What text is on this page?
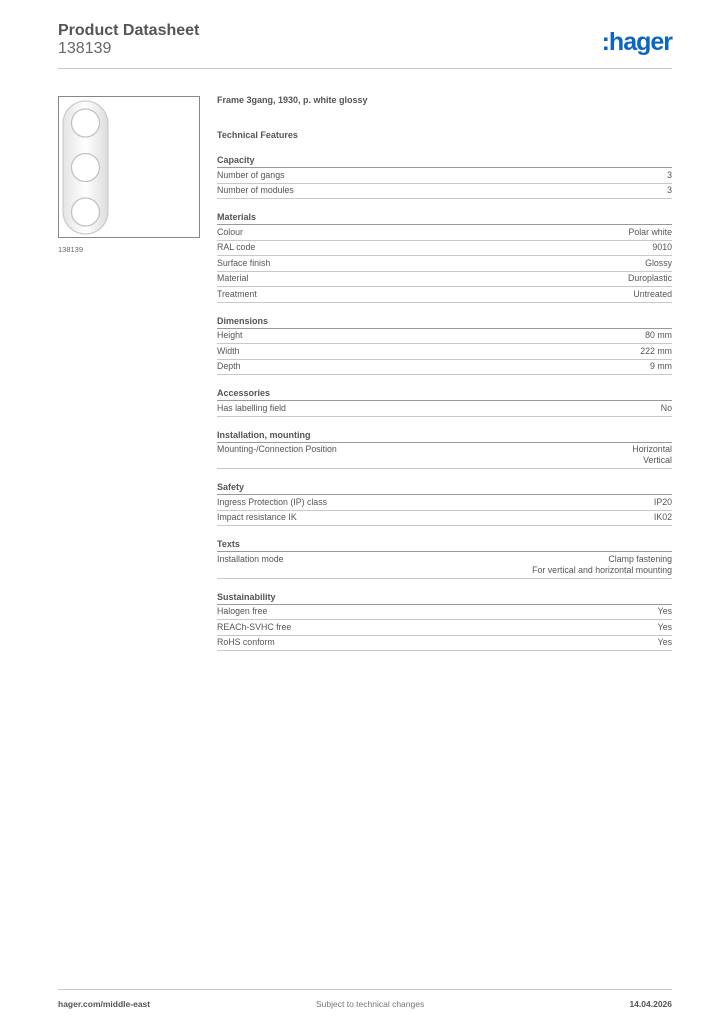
Product Datasheet
138139	:hager
138139
Frame 3gang, 1930, p. white glossy
Technical Features
Capacity
Number of gangs	3
Number of modules	3
Materials
Colour	Polar white
RAL code	9010
Surface finish	Glossy
Material	Duroplastic
Treatment	Untreated
Dimensions
Height	80 mm
Width	222 mm
Depth	9 mm
Accessories
Has labelling field	No
Installation, mounting
Mounting-/Connection Position	Horizontal
Vertical
Safety
Ingress Protection (IP) class	IP20
Impact resistance IK	IK02
Texts
Installation mode	Clamp fastening
For vertical and horizontal mounting
Sustainability
Halogen free	Yes
REACh-SVHC free	Yes
RoHS conform	Yes
hager.com/middle-east	Subject to technical changes	14.04.2026
